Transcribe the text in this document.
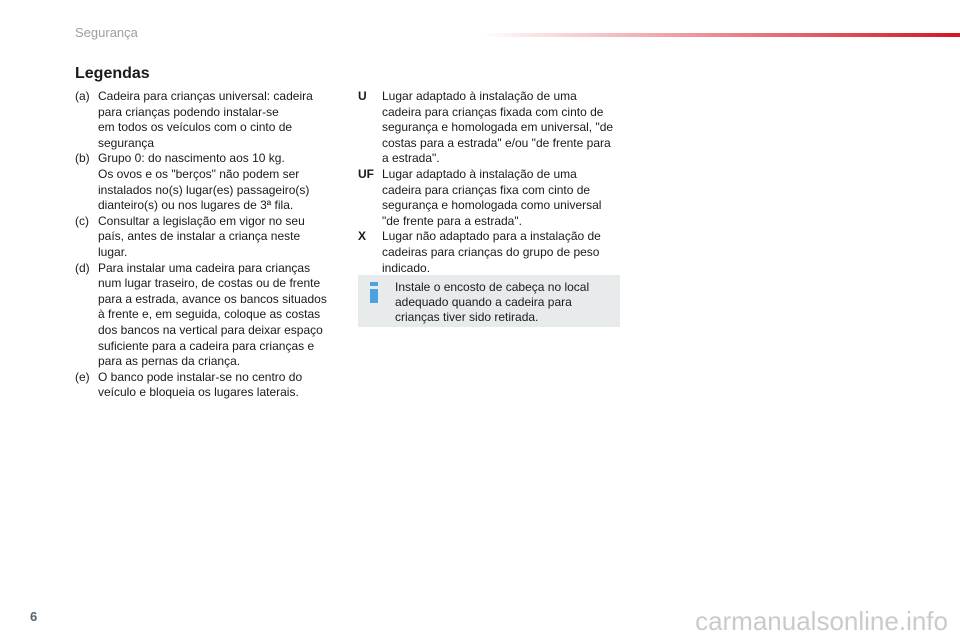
Segurança
Legendas
(a) Cadeira para crianças universal: cadeira
para crianças podendo instalar-se
em todos os veículos com o cinto de
segurança
(b) Grupo 0: do nascimento aos 10 kg.
Os ovos e os "berços" não podem ser
instalados no(s) lugar(es) passageiro(s)
dianteiro(s) ou nos lugares de 3ª fila.
(c) Consultar a legislação em vigor no seu
país, antes de instalar a criança neste
lugar.
(d) Para instalar uma cadeira para crianças
num lugar traseiro, de costas ou de frente
para a estrada, avance os bancos situados
à frente e, em seguida, coloque as costas
dos bancos na vertical para deixar espaço
suficiente para a cadeira para crianças e
para as pernas da criança.
(e) O banco pode instalar-se no centro do
veículo e bloqueia os lugares laterais.
U	Lugar adaptado à instalação de uma
cadeira para crianças fixada com cinto de
segurança e homologada em universal, "de
costas para a estrada" e/ou "de frente para
a estrada".
UF Lugar adaptado à instalação de uma
cadeira para crianças fixa com cinto de
segurança e homologada como universal
"de frente para a estrada".
X	Lugar não adaptado para a instalação de
cadeiras para crianças do grupo de peso
indicado.
Instale o encosto de cabeça no local
adequado quando a cadeira para
crianças tiver sido retirada.
6	carmanualsonline.info
